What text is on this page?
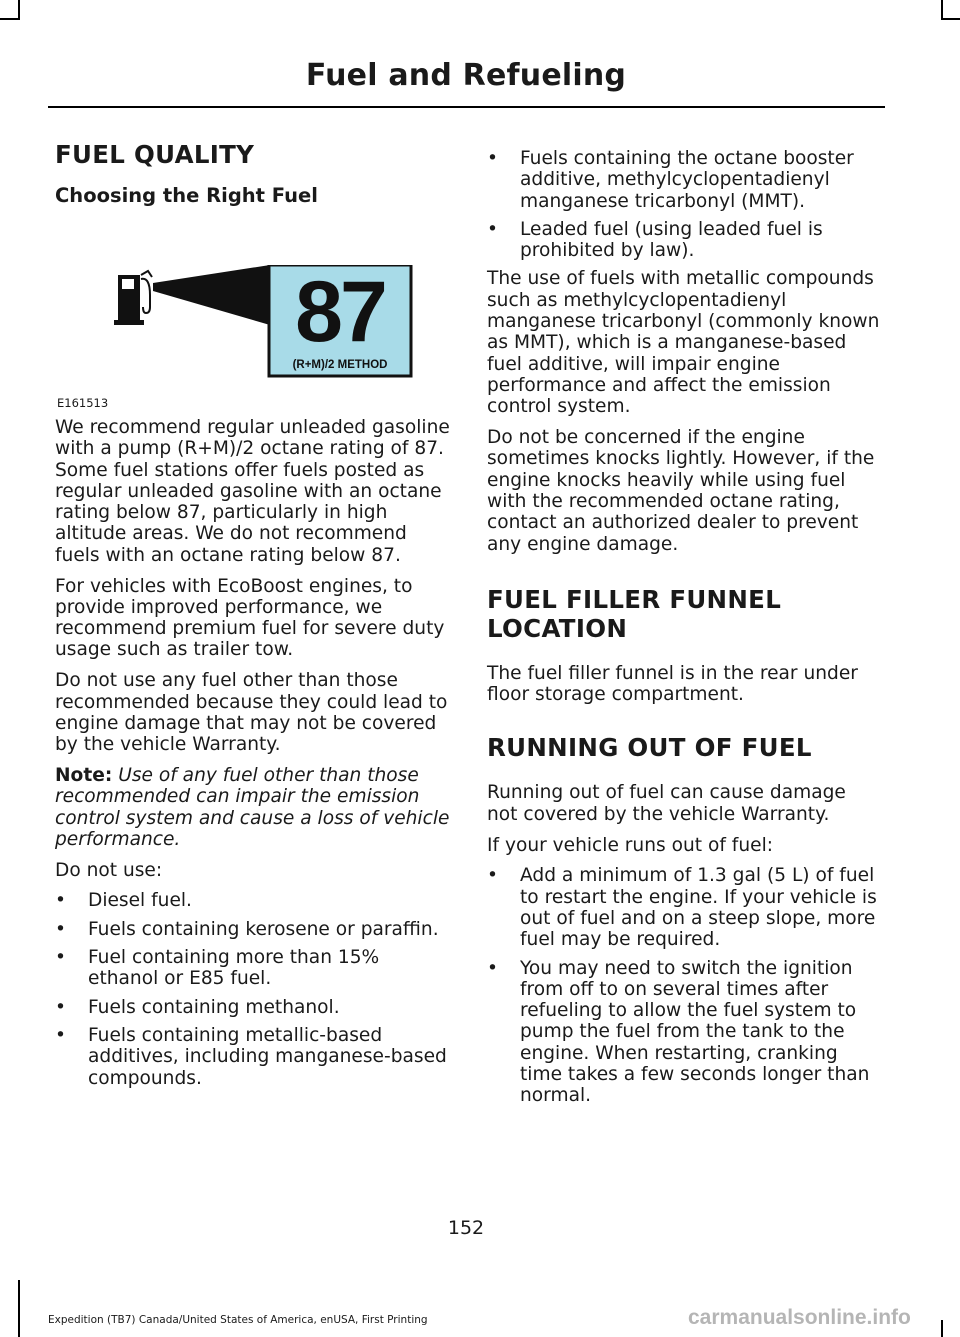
Fuel and Refueling
FUEL QUALITY
Choosing the Right Fuel
87
(R+M)/2 METHOD
E161513

We recommend regular unleaded gasoline with a pump (R+M)/2 octane rating of 87. Some fuel stations offer fuels posted as regular unleaded gasoline with an octane rating below 87, particularly in high altitude areas. We do not recommend fuels with an octane rating below 87.

For vehicles with EcoBoost engines, to provide improved performance, we recommend premium fuel for severe duty usage such as trailer tow.

Do not use any fuel other than those recommended because they could lead to engine damage that may not be covered by the vehicle Warranty.

Note: Use of any fuel other than those recommended can impair the emission control system and cause a loss of vehicle performance.

Do not use:

• Diesel fuel.
• Fuels containing kerosene or paraffin.
• Fuel containing more than 15% ethanol or E85 fuel.
• Fuels containing methanol.
• Fuels containing metallic-based additives, including manganese-based compounds.
• Fuels containing the octane booster additive, methylcyclopentadienyl manganese tricarbonyl (MMT).
• Leaded fuel (using leaded fuel is prohibited by law).

The use of fuels with metallic compounds such as methylcyclopentadienyl manganese tricarbonyl (commonly known as MMT), which is a manganese-based fuel additive, will impair engine performance and affect the emission control system.

Do not be concerned if the engine sometimes knocks lightly. However, if the engine knocks heavily while using fuel with the recommended octane rating, contact an authorized dealer to prevent any engine damage.

FUEL FILLER FUNNEL
LOCATION

The fuel filler funnel is in the rear under floor storage compartment.

RUNNING OUT OF FUEL

Running out of fuel can cause damage not covered by the vehicle Warranty.

If your vehicle runs out of fuel:

• Add a minimum of 1.3 gal (5 L) of fuel to restart the engine. If your vehicle is out of fuel and on a steep slope, more fuel may be required.
• You may need to switch the ignition from off to on several times after refueling to allow the fuel system to pump the fuel from the tank to the engine. When restarting, cranking time takes a few seconds longer than normal.
152
Expedition (TB7) Canada/United States of America, enUSA, First Printing	carmanualsonline.info
